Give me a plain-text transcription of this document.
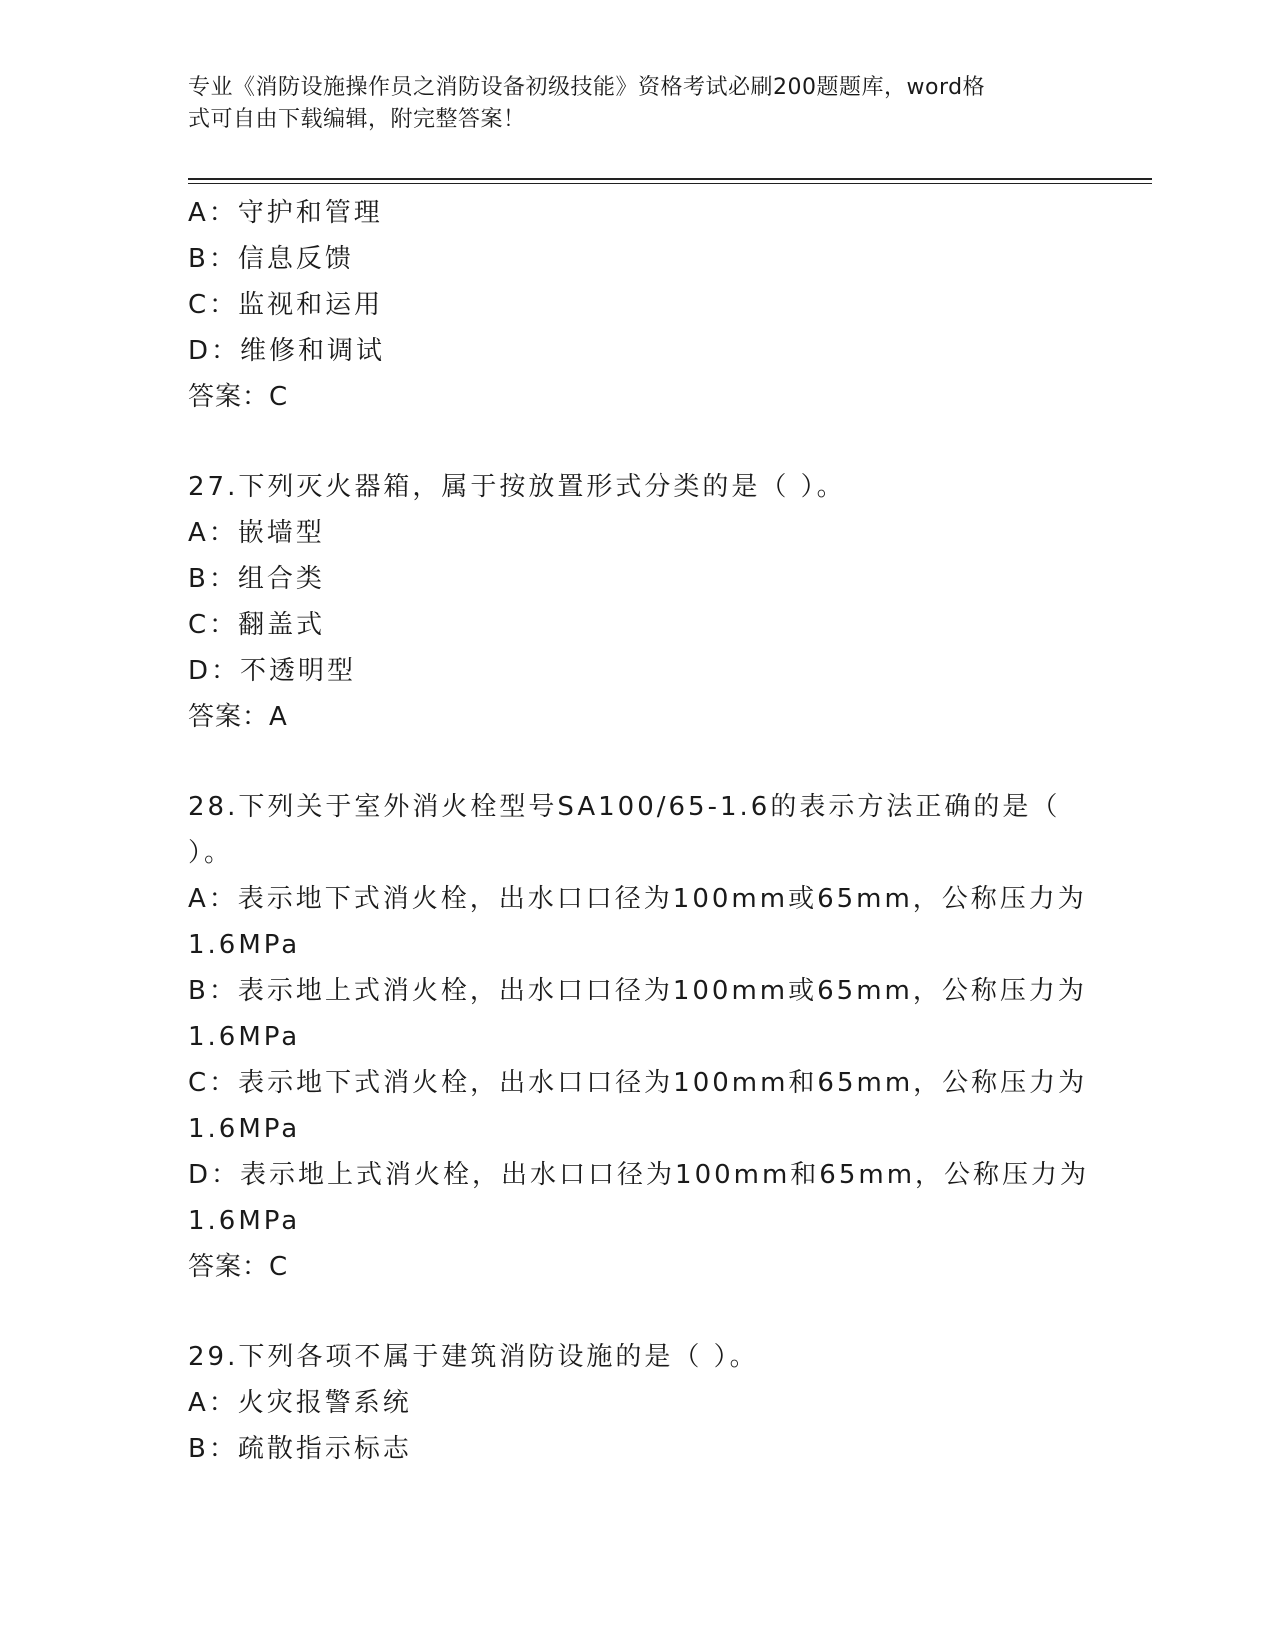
专业《消防设施操作员之消防设备初级技能》资格考试必刷200题题库，word格
式可自由下载编辑，附完整答案！
A：守护和管理
B：信息反馈
C：监视和运用
D：维修和调试
答案：C
27.下列灭火器箱，属于按放置形式分类的是（ ）。
A：嵌墙型
B：组合类
C：翻盖式
D：不透明型
答案：A
28.下列关于室外消火栓型号SA100/65-1.6的表示方法正确的是（
）。
A：表示地下式消火栓，出水口口径为100mm或65mm，公称压力为
1.6MPa
B：表示地上式消火栓，出水口口径为100mm或65mm，公称压力为
1.6MPa
C：表示地下式消火栓，出水口口径为100mm和65mm，公称压力为
1.6MPa
D：表示地上式消火栓，出水口口径为100mm和65mm，公称压力为
1.6MPa
答案：C
29.下列各项不属于建筑消防设施的是（ ）。
A：火灾报警系统
B：疏散指示标志
